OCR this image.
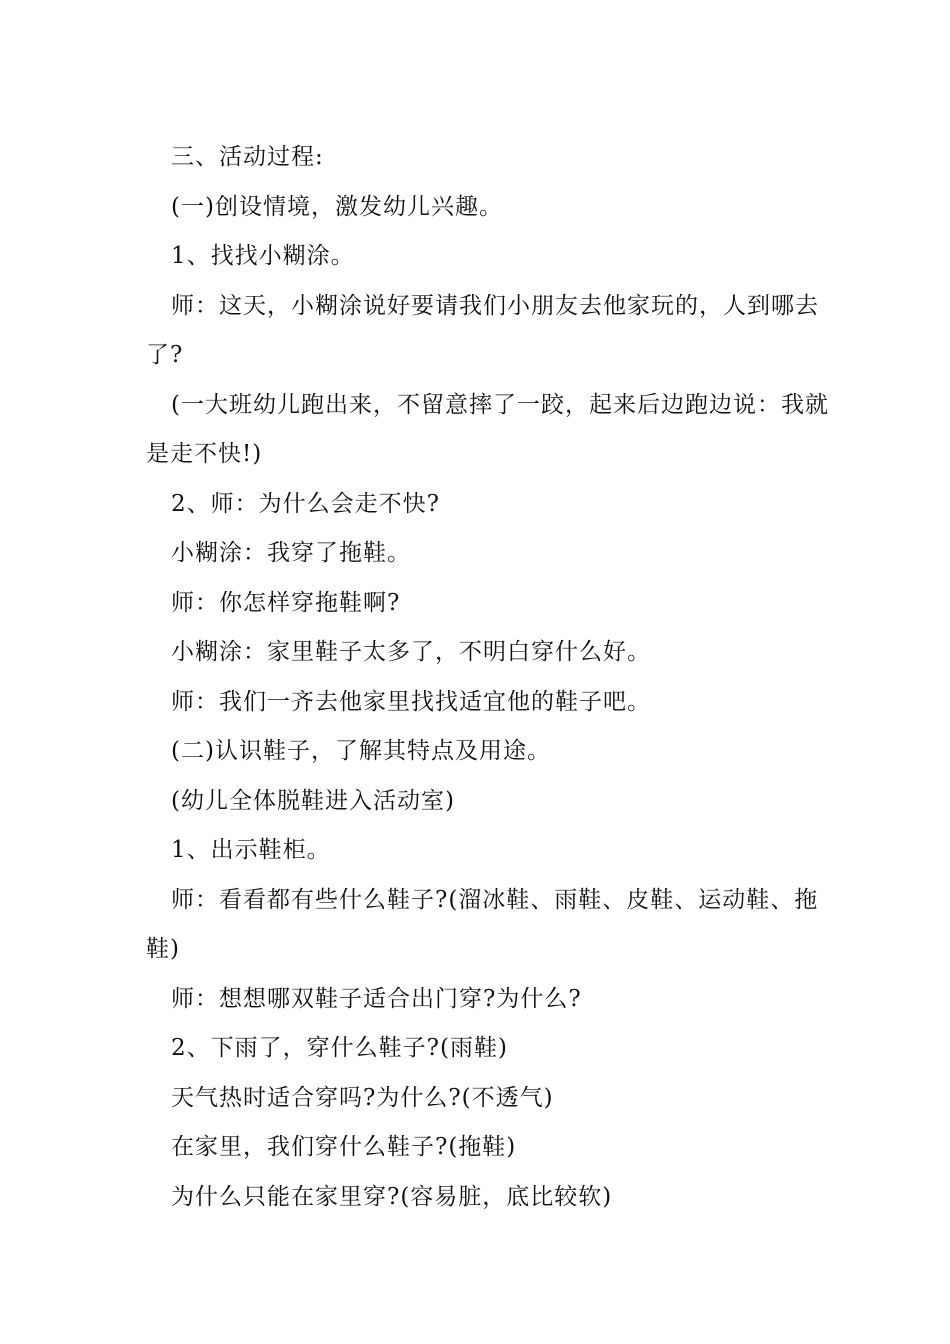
三、活动过程:

(一)创设情境，激发幼儿兴趣。

1、找找小糊涂。

师：这天，小糊涂说好要请我们小朋友去他家玩的，人到哪去了?

(一大班幼儿跑出来，不留意摔了一跤，起来后边跑边说：我就是走不快!)

2、师：为什么会走不快?

小糊涂：我穿了拖鞋。

师：你怎样穿拖鞋啊?

小糊涂：家里鞋子太多了，不明白穿什么好。

师：我们一齐去他家里找找适宜他的鞋子吧。

(二)认识鞋子，了解其特点及用途。

(幼儿全体脱鞋进入活动室)

1、出示鞋柜。

师：看看都有些什么鞋子?(溜冰鞋、雨鞋、皮鞋、运动鞋、拖鞋)

师：想想哪双鞋子适合出门穿?为什么?

2、下雨了，穿什么鞋子?(雨鞋)

天气热时适合穿吗?为什么?(不透气)

在家里，我们穿什么鞋子?(拖鞋)

为什么只能在家里穿?(容易脏，底比较软)
